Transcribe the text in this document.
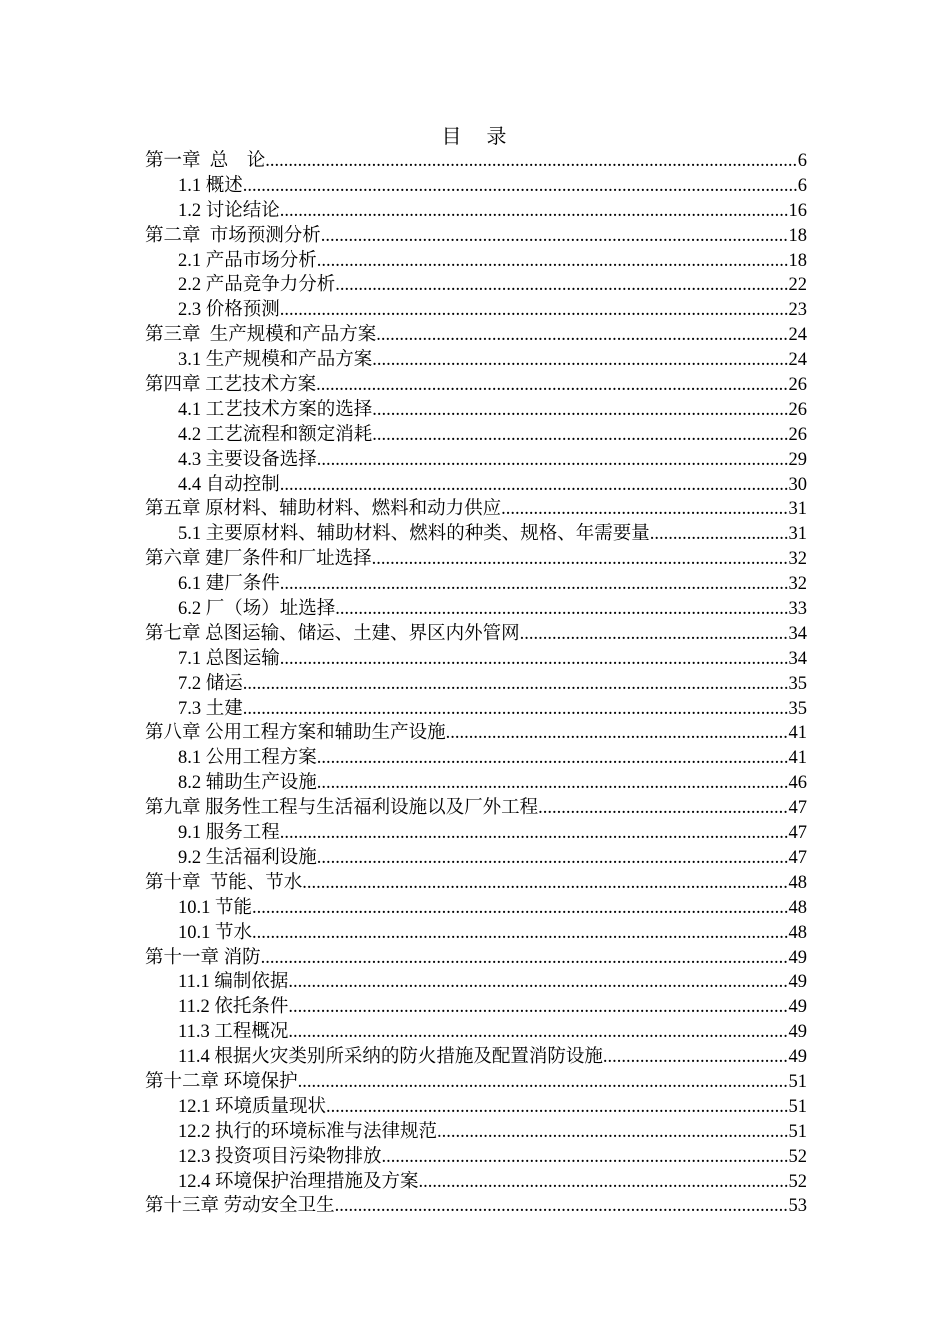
目 录
第一章  总    论 .....	6
1.1 概述 .....	6
1.2 讨论结论 .....	16
第二章  市场预测分析 .....	18
2.1 产品市场分析 .....	18
2.2 产品竞争力分析 .....	22
2.3 价格预测 .....	23
第三章  生产规模和产品方案 .....	24
3.1 生产规模和产品方案 .....	24
第四章 工艺技术方案 .....	26
4.1 工艺技术方案的选择 .....	26
4.2 工艺流程和额定消耗 .....	26
4.3 主要设备选择 .....	29
4.4 自动控制 .....	30
第五章 原材料、辅助材料、燃料和动力供应 .....	31
5.1 主要原材料、辅助材料、燃料的种类、规格、年需要量 .....	31
第六章 建厂条件和厂址选择 .....	32
6.1 建厂条件 .....	32
6.2 厂（场）址选择 .....	33
第七章 总图运输、储运、土建、界区内外管网 .....	34
7.1 总图运输 .....	34
7.2 储运 .....	35
7.3 土建 .....	35
第八章 公用工程方案和辅助生产设施 .....	41
8.1 公用工程方案 .....	41
8.2 辅助生产设施 .....	46
第九章 服务性工程与生活福利设施以及厂外工程 .....	47
9.1 服务工程 .....	47
9.2 生活福利设施 .....	47
第十章  节能、节水 .....	48
10.1 节能 .....	48
10.1 节水 .....	48
第十一章 消防 .....	49
11.1 编制依据 .....	49
11.2 依托条件 .....	49
11.3 工程概况 .....	49
11.4 根据火灾类别所采纳的防火措施及配置消防设施 .....	49
第十二章 环境保护 .....	51
12.1 环境质量现状 .....	51
12.2 执行的环境标准与法律规范 .....	51
12.3 投资项目污染物排放 .....	52
12.4 环境保护治理措施及方案 .....	52
第十三章 劳动安全卫生 .....	53
